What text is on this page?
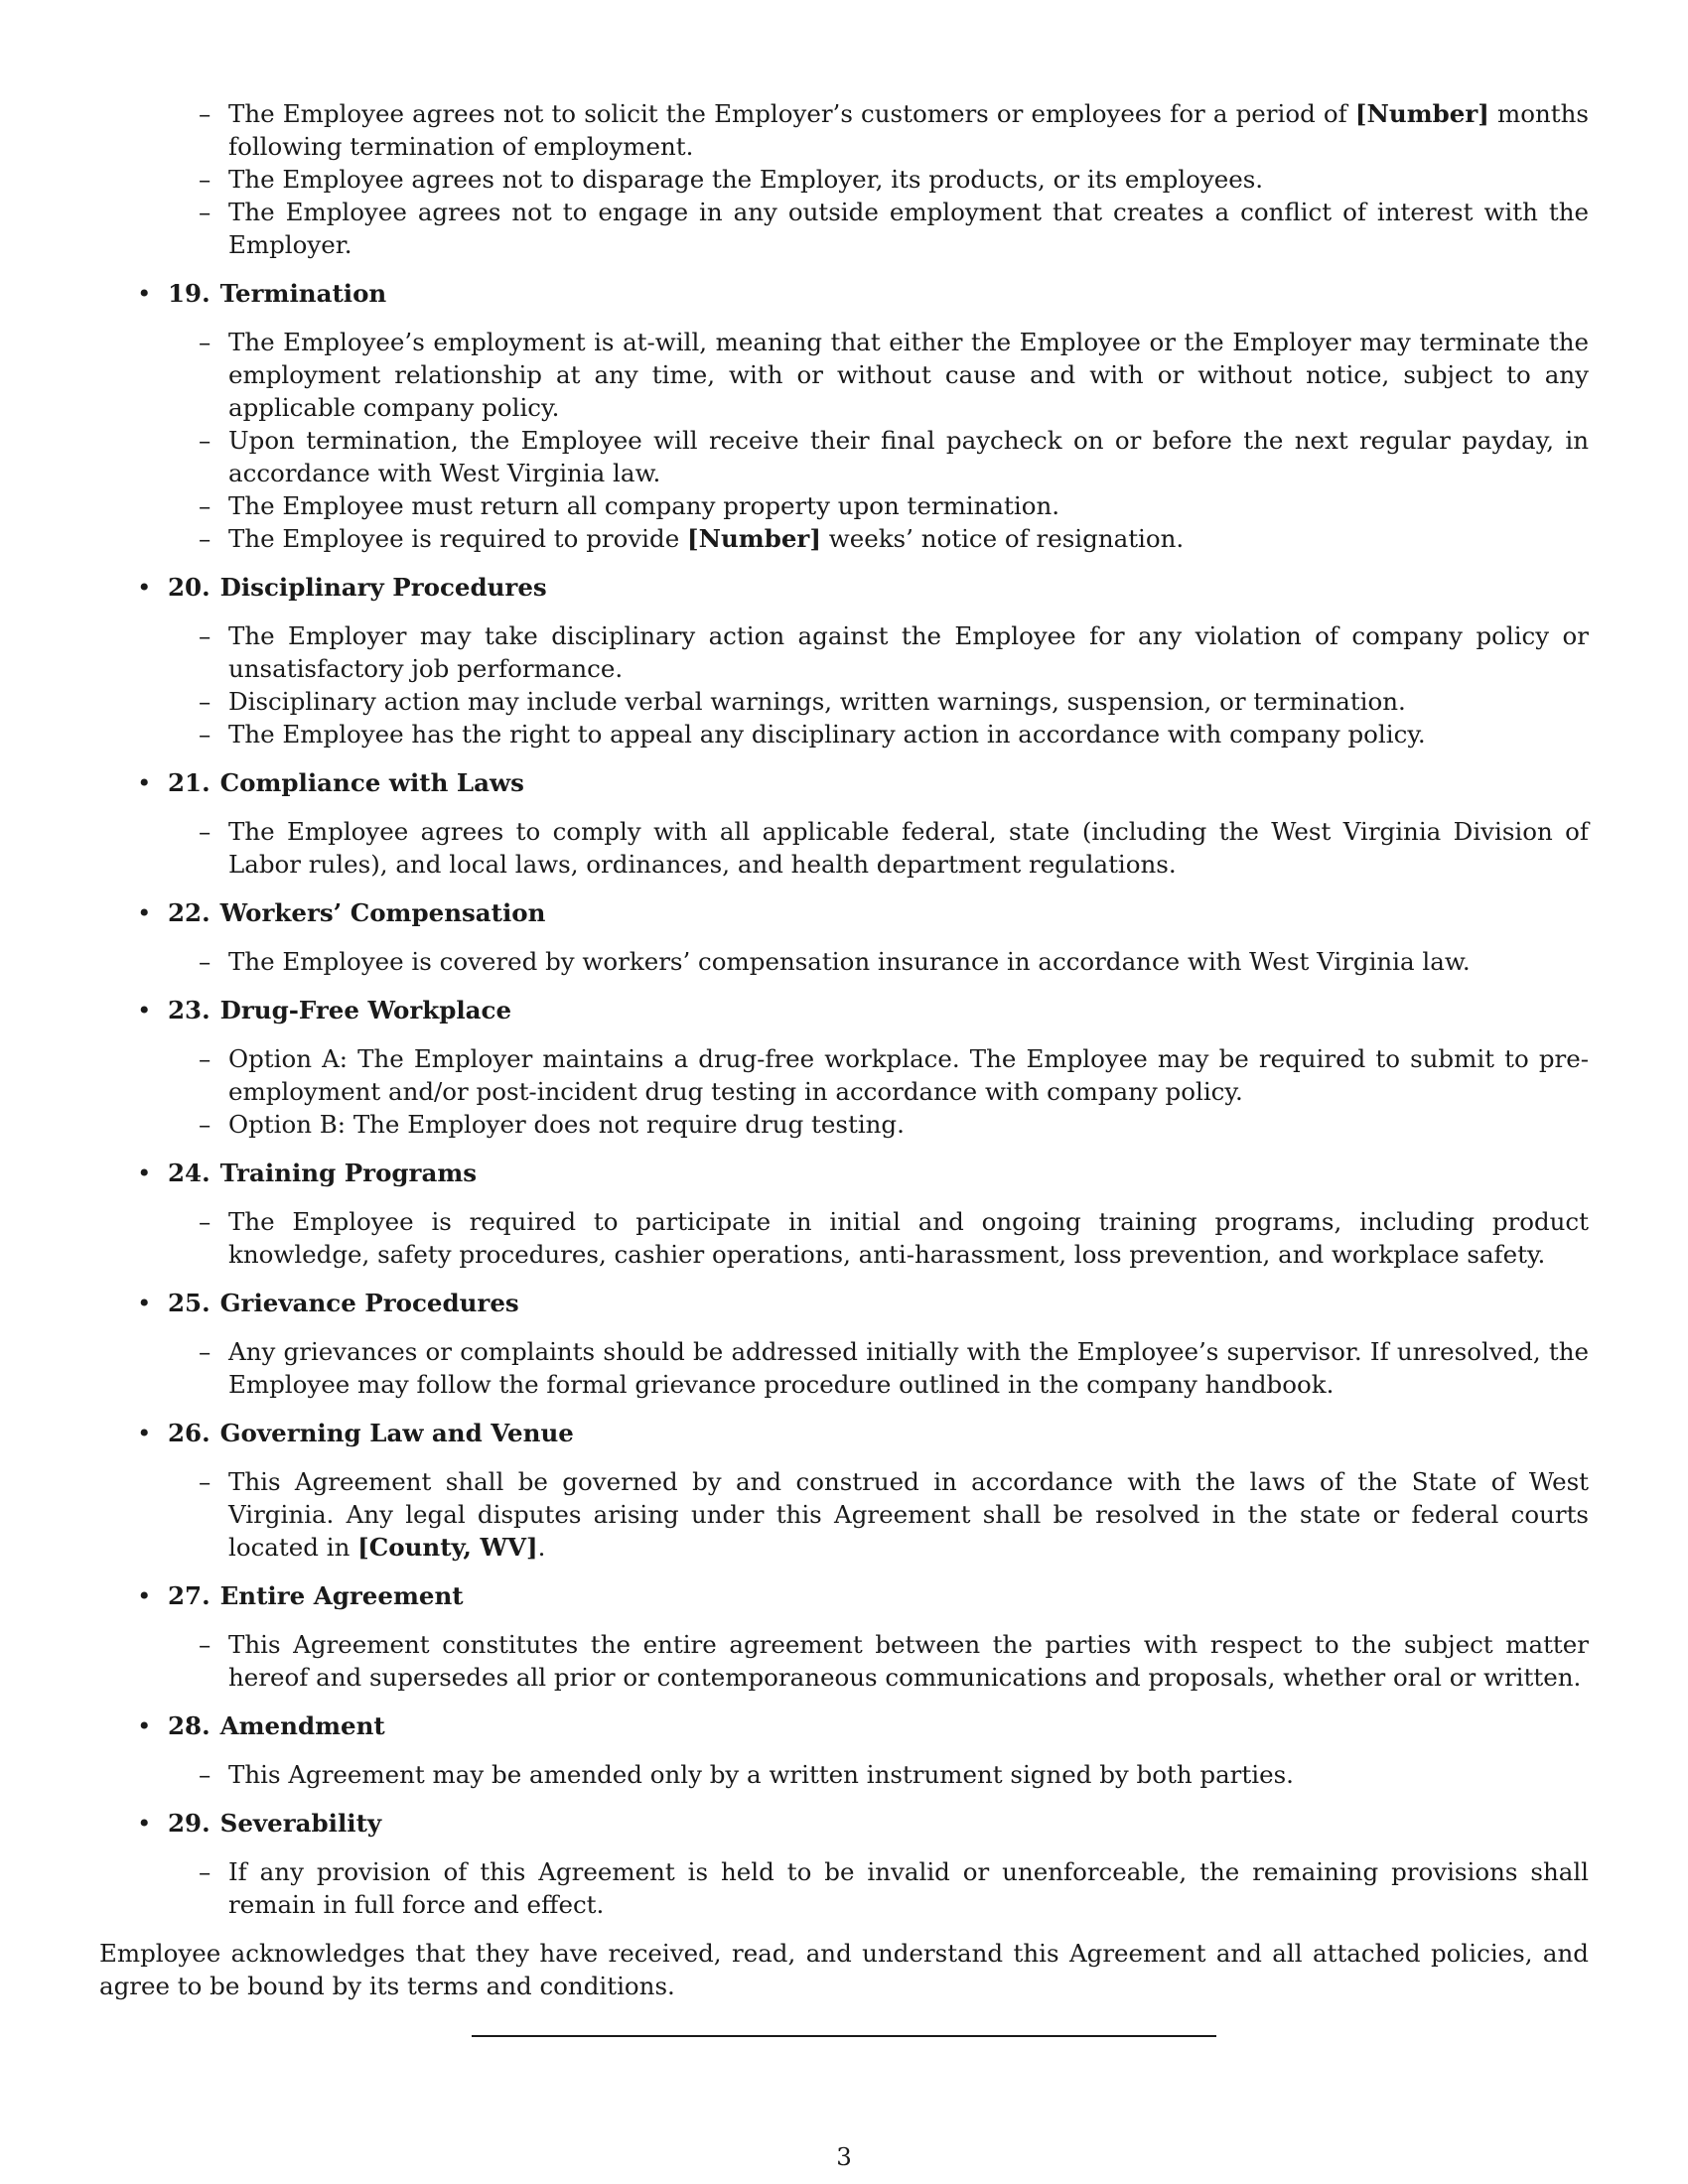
– The Employee agrees not to solicit the Employer’s customers or employees for a period of [Number] months following termination of employment.
– The Employee agrees not to disparage the Employer, its products, or its employees.
– The Employee agrees not to engage in any outside employment that creates a conflict of interest with the Employer.
• 19. Termination
– The Employee’s employment is at-will, meaning that either the Employee or the Employer may terminate the employment relationship at any time, with or without cause and with or without notice, subject to any applicable company policy.
– Upon termination, the Employee will receive their final paycheck on or before the next regular payday, in accordance with West Virginia law.
– The Employee must return all company property upon termination.
– The Employee is required to provide [Number] weeks’ notice of resignation.
• 20. Disciplinary Procedures
– The Employer may take disciplinary action against the Employee for any violation of company policy or unsatisfactory job performance.
– Disciplinary action may include verbal warnings, written warnings, suspension, or termination.
– The Employee has the right to appeal any disciplinary action in accordance with company policy.
• 21. Compliance with Laws
– The Employee agrees to comply with all applicable federal, state (including the West Virginia Division of Labor rules), and local laws, ordinances, and health department regulations.
• 22. Workers’ Compensation
– The Employee is covered by workers’ compensation insurance in accordance with West Virginia law.
• 23. Drug-Free Workplace
– Option A: The Employer maintains a drug-free workplace. The Employee may be required to submit to pre-employment and/or post-incident drug testing in accordance with company policy.
– Option B: The Employer does not require drug testing.
• 24. Training Programs
– The Employee is required to participate in initial and ongoing training programs, including product knowledge, safety procedures, cashier operations, anti-harassment, loss prevention, and workplace safety.
• 25. Grievance Procedures
– Any grievances or complaints should be addressed initially with the Employee’s supervisor. If unresolved, the Employee may follow the formal grievance procedure outlined in the company handbook.
• 26. Governing Law and Venue
– This Agreement shall be governed by and construed in accordance with the laws of the State of West Virginia. Any legal disputes arising under this Agreement shall be resolved in the state or federal courts located in [County, WV].
• 27. Entire Agreement
– This Agreement constitutes the entire agreement between the parties with respect to the subject matter hereof and supersedes all prior or contemporaneous communications and proposals, whether oral or written.
• 28. Amendment
– This Agreement may be amended only by a written instrument signed by both parties.
• 29. Severability
– If any provision of this Agreement is held to be invalid or unenforceable, the remaining provisions shall remain in full force and effect.
Employee acknowledges that they have received, read, and understand this Agreement and all attached policies, and agree to be bound by its terms and conditions.
3
